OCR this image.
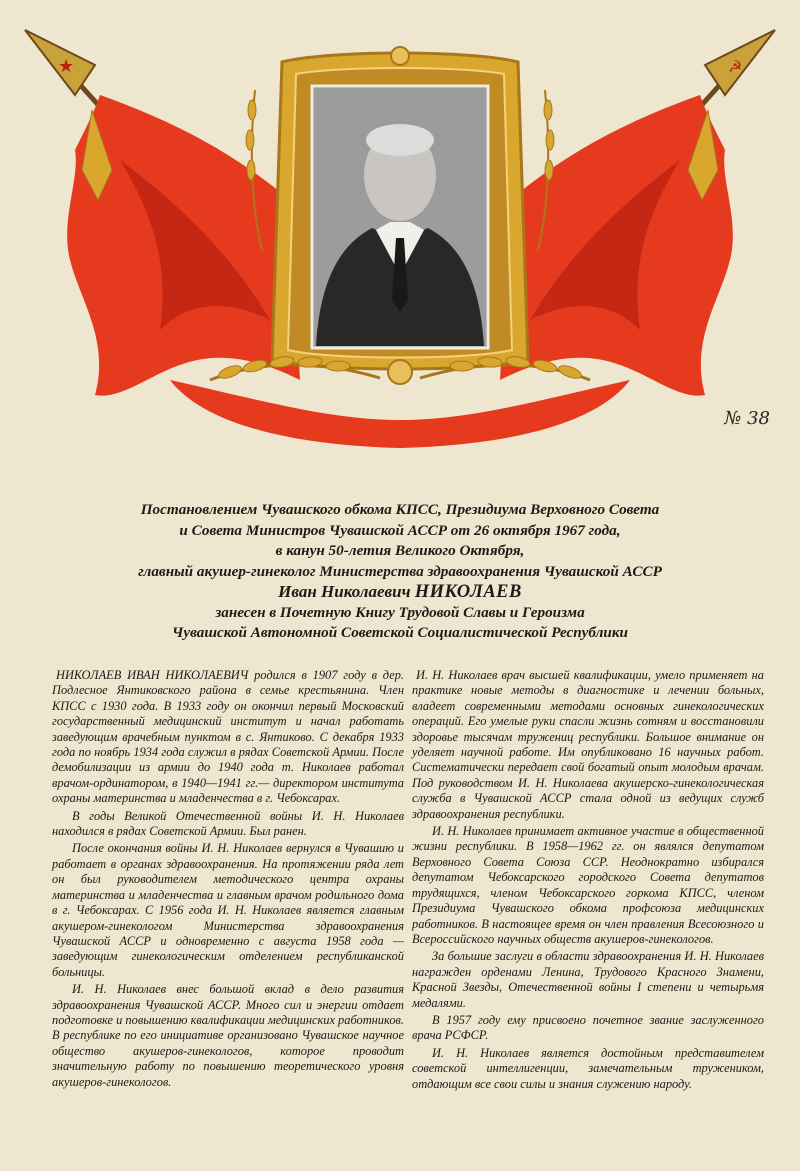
★	☭
№ 38
Постановлением Чувашского обкома КПСС, Президиума Верховного Совета
и Совета Министров Чувашской АССР от 26 октября 1967 года,
в канун 50-летия Великого Октября,
главный акушер-гинеколог Министерства здравоохранения Чувашской АССР
Иван Николаевич НИКОЛАЕВ
занесен в Почетную Книгу Трудовой Славы и Героизма
Чувашской Автономной Советской Социалистической Республики

НИКОЛАЕВ ИВАН НИКОЛАЕВИЧ родился в 1907 году в дер. Подлесное Янтиковского района в семье крестьянина. Член КПСС с 1930 года. В 1933 году он окончил первый Московский государственный медицинский институт и начал работать заведующим врачебным пунктом в с. Янтиково. С декабря 1933 года по ноябрь 1934 года служил в рядах Советской Армии. После демобилизации из армии до 1940 года т. Николаев работал врачом-ординатором, в 1940—1941 гг.— директором института охраны материнства и младенчества в г. Чебоксарах.

В годы Великой Отечественной войны И. Н. Николаев находился в рядах Советской Армии. Был ранен.

После окончания войны И. Н. Николаев вернулся в Чувашию и работает в органах здравоохранения. На протяжении ряда лет он был руководителем методического центра охраны материнства и младенчества и главным врачом родильного дома в г. Чебоксарах. С 1956 года И. Н. Николаев является главным акушером-гинекологом Министерства здравоохранения Чувашской АССР и одновременно с августа 1958 года — заведующим гинекологическим отделением республиканской больницы.

И. Н. Николаев внес большой вклад в дело развития здравоохранения Чувашской АССР. Много сил и энергии отдает подготовке и повышению квалификации медицинских работников. В республике по его инициативе организовано Чувашское научное общество акушеров-гинекологов, которое проводит значительную работу по повышению теоретического уровня акушеров-гинекологов.

И. Н. Николаев врач высшей квалификации, умело применяет на практике новые методы в диагностике и лечении больных, владеет современными методами основных гинекологических операций. Его умелые руки спасли жизнь сотням и восстановили здоровье тысячам тружениц республики. Большое внимание он уделяет научной работе. Им опубликовано 16 научных работ. Систематически передает свой богатый опыт молодым врачам. Под руководством И. Н. Николаева акушерско-гинекологическая служба в Чувашской АССР стала одной из ведущих служб здравоохранения республики.

И. Н. Николаев принимает активное участие в общественной жизни республики. В 1958—1962 гг. он являлся депутатом Верховного Совета Союза ССР. Неоднократно избирался депутатом Чебоксарского городского Совета депутатов трудящихся, членом Чебоксарского горкома КПСС, членом Президиума Чувашского обкома профсоюза медицинских работников. В настоящее время он член правления Всесоюзного и Всероссийского научных обществ акушеров-гинекологов.

За большие заслуги в области здравоохранения И. Н. Николаев награжден орденами Ленина, Трудового Красного Знамени, Красной Звезды, Отечественной войны I степени и четырьмя медалями.

В 1957 году ему присвоено почетное звание заслуженного врача РСФСР.

И. Н. Николаев является достойным представителем советской интеллигенции, замечательным тружеником, отдающим все свои силы и знания служению народу.
